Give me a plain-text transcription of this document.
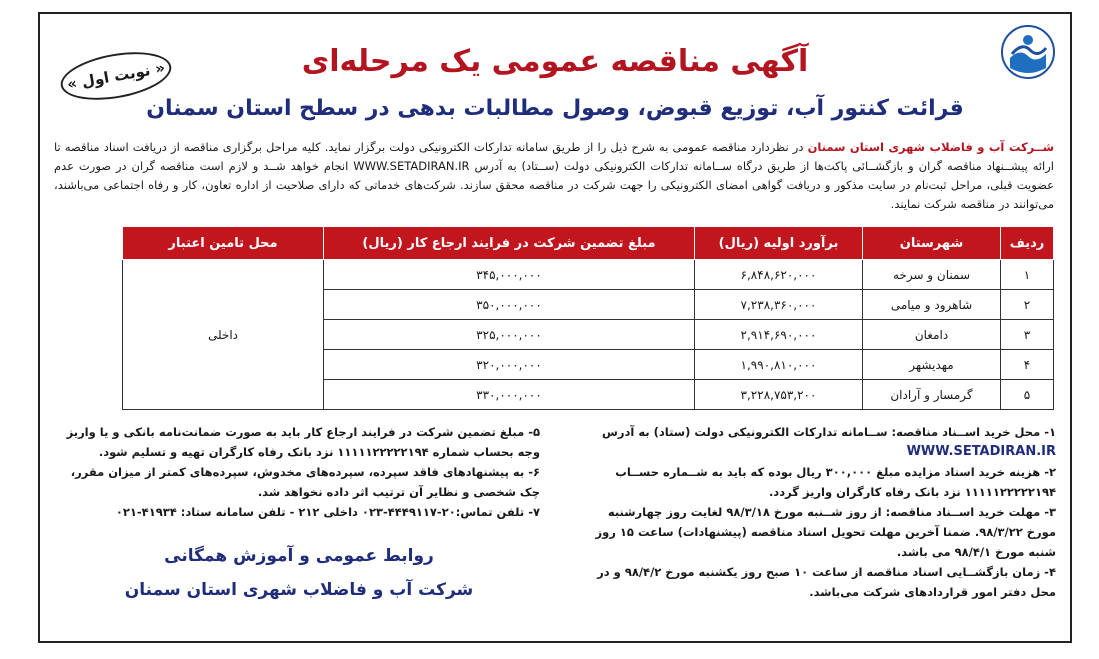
« نوبت اول »	آگهی مناقصه عمومی یک مرحله‌ای
قرائت کنتور آب، توزیع قبوض، وصول مطالبات بدهی در سطح استان سمنان
شــرکت آب و فاضلاب شهری استان سمنان در نظردارد مناقصه عمومی به شرح ذیل را از طریق سامانه تدارکات الکترونیکی دولت برگزار نماید. کلیه مراحل برگزاری مناقصه از دریافت اسناد مناقصه تا ارائه پیشــنهاد مناقصه گران و بازگشــائی پاکت‌ها از طریق درگاه ســامانه تدارکات الکترونیکی دولت (ســتاد) به آدرس WWW.SETADIRAN.IR انجام خواهد شــد و لازم است مناقصه گران در صورت عدم عضویت قبلی، مراحل ثبت‌نام در سایت مذکور و دریافت گواهی امضای الکترونیکی را جهت شرکت در مناقصه محقق سازند. شرکت‌های خدماتی که دارای صلاحیت از اداره تعاون، کار و رفاه اجتماعی می‌باشند، می‌توانند در مناقصه شرکت نمایند.
ردیف	شهرستان	برآورد اولیه (ریال)	مبلغ تضمین شرکت در فرایند ارجاع کار (ریال)	محل تامین اعتبار
۱	سمنان و سرخه	۶,۸۴۸,۶۲۰,۰۰۰	۳۴۵,۰۰۰,۰۰۰	داخلی
۲	شاهرود و میامی	۷,۲۳۸,۳۶۰,۰۰۰	۳۵۰,۰۰۰,۰۰۰	
۳	دامغان	۲,۹۱۴,۶۹۰,۰۰۰	۳۲۵,۰۰۰,۰۰۰	
۴	مهدیشهر	۱,۹۹۰,۸۱۰,۰۰۰	۳۲۰,۰۰۰,۰۰۰	
۵	گرمسار و آرادان	۳,۲۲۸,۷۵۳,۲۰۰	۳۳۰,۰۰۰,۰۰۰	

۱- محل خرید اســناد مناقصه: ســامانه تدارکات الکترونیکی دولت (ستاد) به آدرس

WWW.SETADIRAN.IR

۲- هزینه خرید اسناد مزایده مبلغ ۳۰۰,۰۰۰ ریال بوده که باید به شــماره حســاب ۱۱۱۱۱۲۲۲۲۲۱۹۴ نزد بانک رفاه کارگران واریز گردد.

۳- مهلت خرید اســناد مناقصه: از روز شــنبه مورخ ۹۸/۳/۱۸ لغایت روز چهارشنبه مورخ ۹۸/۳/۲۲. ضمنا آخرین مهلت تحویل اسناد مناقصه (پیشنهادات) ساعت ۱۵ روز شنبه مورخ ۹۸/۴/۱ می باشد.

۴- زمان بازگشــایی اسناد مناقصه از ساعت ۱۰ صبح روز یکشنبه مورخ ۹۸/۴/۲ و در محل دفتر امور قراردادهای شرکت می‌باشد.

۵- مبلغ تضمین شرکت در فرایند ارجاع کار باید به صورت ضمانت‌نامه بانکی و یا واریز وجه بحساب شماره ۱۱۱۱۱۲۲۲۲۲۱۹۴ نزد بانک رفاه کارگران تهیه و تسلیم شود.

۶- به پیشنهادهای فاقد سپرده، سپرده‌های مخدوش، سپرده‌های کمتر از میزان مقرر، چک شخصی و نظایر آن ترتیب اثر داده نخواهد شد.

۷- تلفن تماس:۲۰-۴۴۴۹۱۱۷-۰۲۳ داخلی ۲۱۲ - تلفن سامانه ستاد: ۴۱۹۳۴-۰۲۱

روابط عمومی و آموزش همگانی
شرکت آب و فاضلاب شهری استان سمنان
